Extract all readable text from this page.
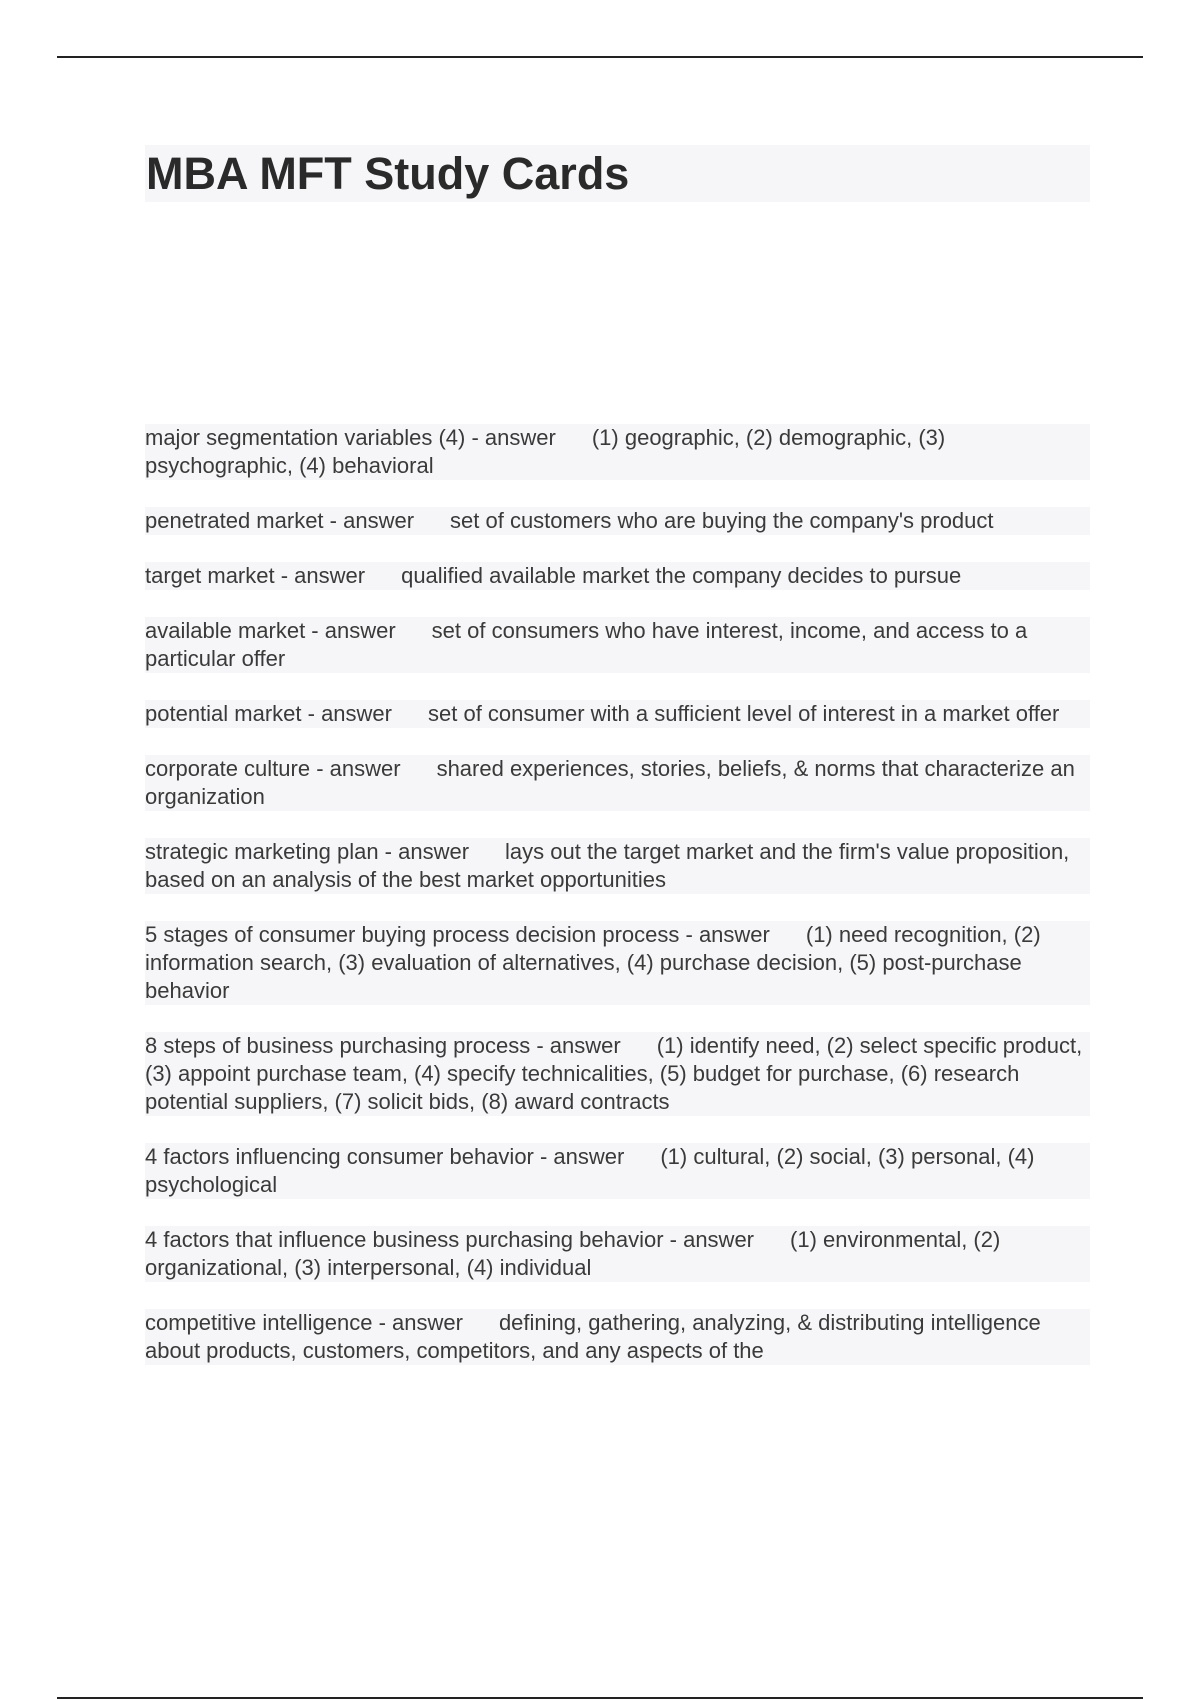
MBA MFT Study Cards

major segmentation variables (4) - answer (1) geographic, (2) demographic, (3) psychographic, (4) behavioral

penetrated market - answer set of customers who are buying the company's product

target market - answer qualified available market the company decides to pursue

available market - answer set of consumers who have interest, income, and access to a particular offer

potential market - answer set of consumer with a sufficient level of interest in a market offer

corporate culture - answer shared experiences, stories, beliefs, & norms that characterize an organization

strategic marketing plan - answer lays out the target market and the firm's value proposition, based on an analysis of the best market opportunities

5 stages of consumer buying process decision process - answer (1) need recognition, (2) information search, (3) evaluation of alternatives, (4) purchase decision, (5) post-purchase behavior

8 steps of business purchasing process - answer (1) identify need, (2) select specific product, (3) appoint purchase team, (4) specify technicalities, (5) budget for purchase, (6) research potential suppliers, (7) solicit bids, (8) award contracts

4 factors influencing consumer behavior - answer (1) cultural, (2) social, (3) personal, (4) psychological

4 factors that influence business purchasing behavior - answer (1) environmental, (2) organizational, (3) interpersonal, (4) individual

competitive intelligence - answer defining, gathering, analyzing, & distributing intelligence about products, customers, competitors, and any aspects of the
